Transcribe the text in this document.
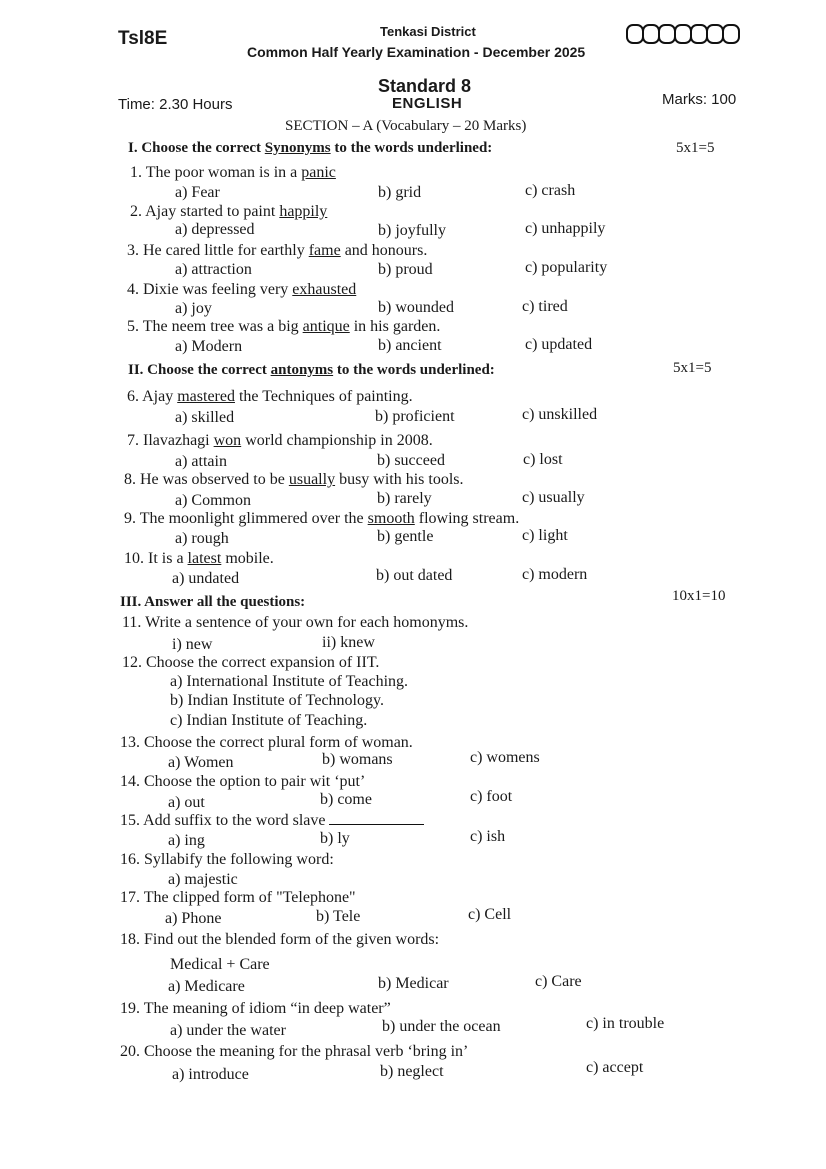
Tsl8E	Tenkasi District
Common Half Yearly Examination - December 2025
Standard 8
ENGLISH
Time: 2.30 Hours	Marks: 100
SECTION – A (Vocabulary – 20 Marks)
I. Choose the correct Synonyms to the words underlined:	5x1=5
1. The poor woman is in a panic
a) Fear	b) grid	c) crash
2. Ajay started to paint happily
a) depressed	b) joyfully	c) unhappily
3. He cared little for earthly fame and honours.
a) attraction	b) proud	c) popularity
4. Dixie was feeling very exhausted
a) joy	b) wounded	c) tired
5. The neem tree was a big antique in his garden.
a) Modern	b) ancient	c) updated
II. Choose the correct antonyms to the words underlined:	5x1=5
6. Ajay mastered the Techniques of painting.
a) skilled	b) proficient	c) unskilled
7. Ilavazhagi won world championship in 2008.
a) attain	b) succeed	c) lost
8. He was observed to be usually busy with his tools.
a) Common	b) rarely	c) usually
9. The moonlight glimmered over the smooth flowing stream.
a) rough	b) gentle	c) light
10. It is a latest mobile.
a) undated	b) out dated	c) modern
III. Answer all the questions:	10x1=10
11. Write a sentence of your own for each homonyms.
i) new	ii) knew
12. Choose the correct expansion of IIT.
a) International Institute of Teaching.
b) Indian Institute of Technology.
c) Indian Institute of Teaching.
13. Choose the correct plural form of woman.
a) Women	b) womans	c) womens
14. Choose the option to pair wit ‘put’
a) out	b) come	c) foot
15. Add suffix to the word slave
a) ing	b) ly	c) ish
16. Syllabify the following word:
a) majestic
17. The clipped form of "Telephone"
a) Phone	b) Tele	c) Cell
18. Find out the blended form of the given words:
Medical + Care
a) Medicare	b) Medicar	c) Care
19. The meaning of idiom “in deep water”
a) under the water	b) under the ocean	c) in trouble
20. Choose the meaning for the phrasal verb ‘bring in’
a) introduce	b) neglect	c) accept
